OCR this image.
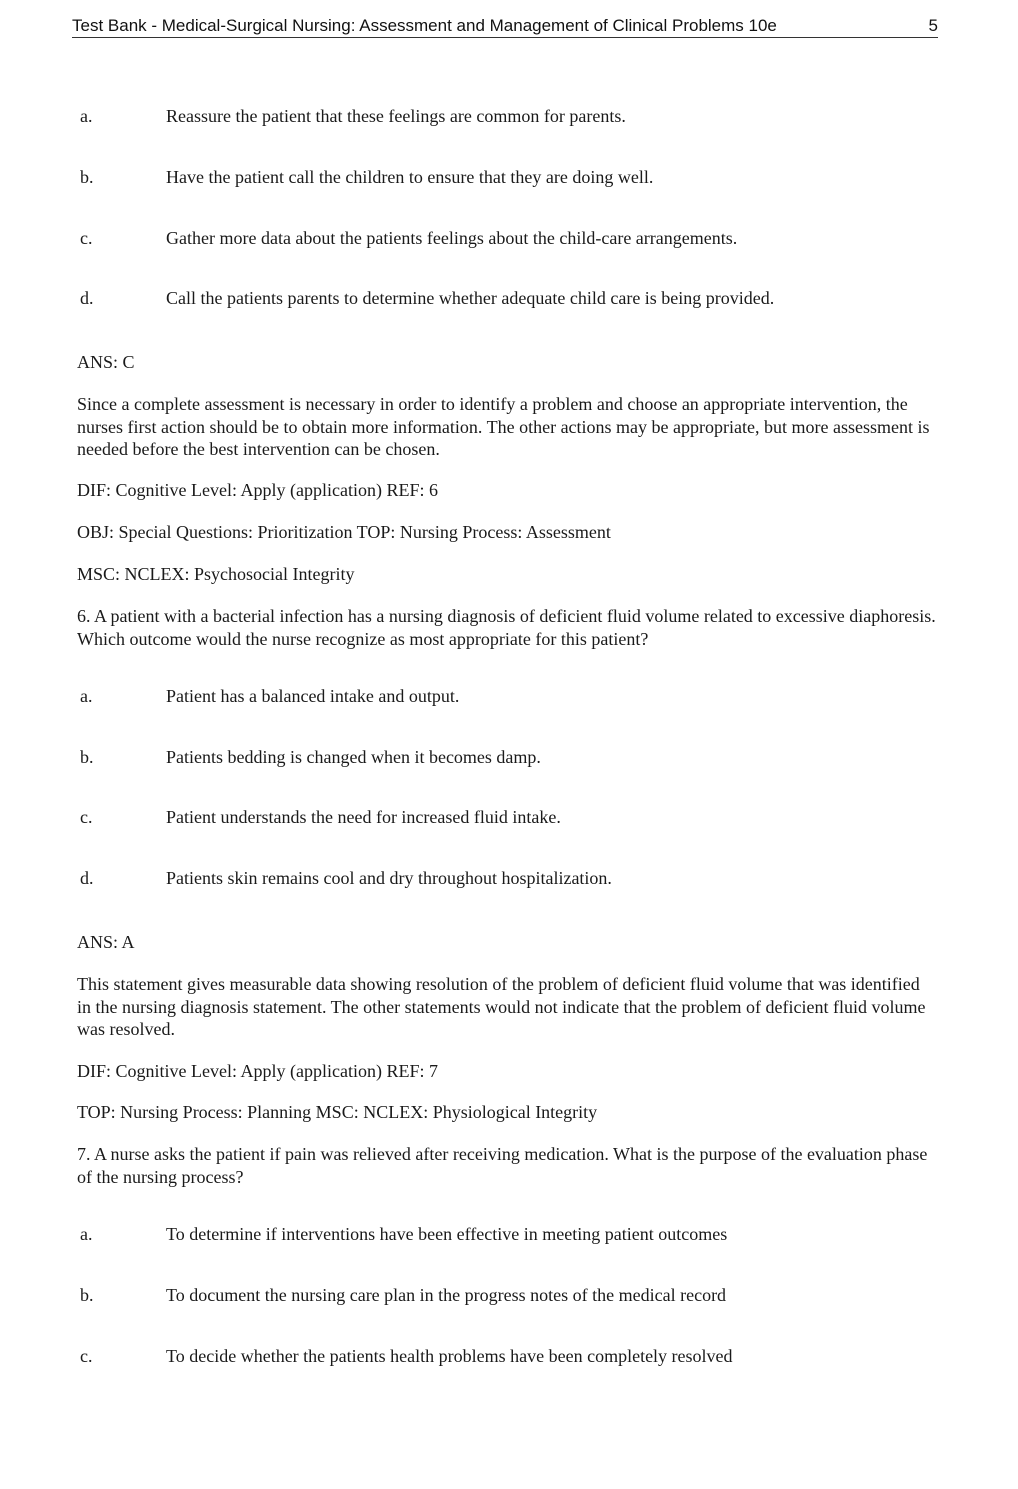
Test Bank - Medical-Surgical Nursing: Assessment and Management of Clinical Problems 10e	5
a.	Reassure the patient that these feelings are common for parents.
b.	Have the patient call the children to ensure that they are doing well.
c.	Gather more data about the patients feelings about the child-care arrangements.
d.	Call the patients parents to determine whether adequate child care is being provided.
ANS: C
Since a complete assessment is necessary in order to identify a problem and choose an appropriate intervention, the nurses first action should be to obtain more information. The other actions may be appropriate, but more assessment is needed before the best intervention can be chosen.
DIF: Cognitive Level: Apply (application) REF: 6
OBJ: Special Questions: Prioritization TOP: Nursing Process: Assessment
MSC: NCLEX: Psychosocial Integrity
6. A patient with a bacterial infection has a nursing diagnosis of deficient fluid volume related to excessive diaphoresis. Which outcome would the nurse recognize as most appropriate for this patient?
a.	Patient has a balanced intake and output.
b.	Patients bedding is changed when it becomes damp.
c.	Patient understands the need for increased fluid intake.
d.	Patients skin remains cool and dry throughout hospitalization.
ANS: A
This statement gives measurable data showing resolution of the problem of deficient fluid volume that was identified in the nursing diagnosis statement. The other statements would not indicate that the problem of deficient fluid volume was resolved.
DIF: Cognitive Level: Apply (application) REF: 7
TOP: Nursing Process: Planning MSC: NCLEX: Physiological Integrity
7. A nurse asks the patient if pain was relieved after receiving medication. What is the purpose of the evaluation phase of the nursing process?
a.	To determine if interventions have been effective in meeting patient outcomes
b.	To document the nursing care plan in the progress notes of the medical record
c.	To decide whether the patients health problems have been completely resolved
